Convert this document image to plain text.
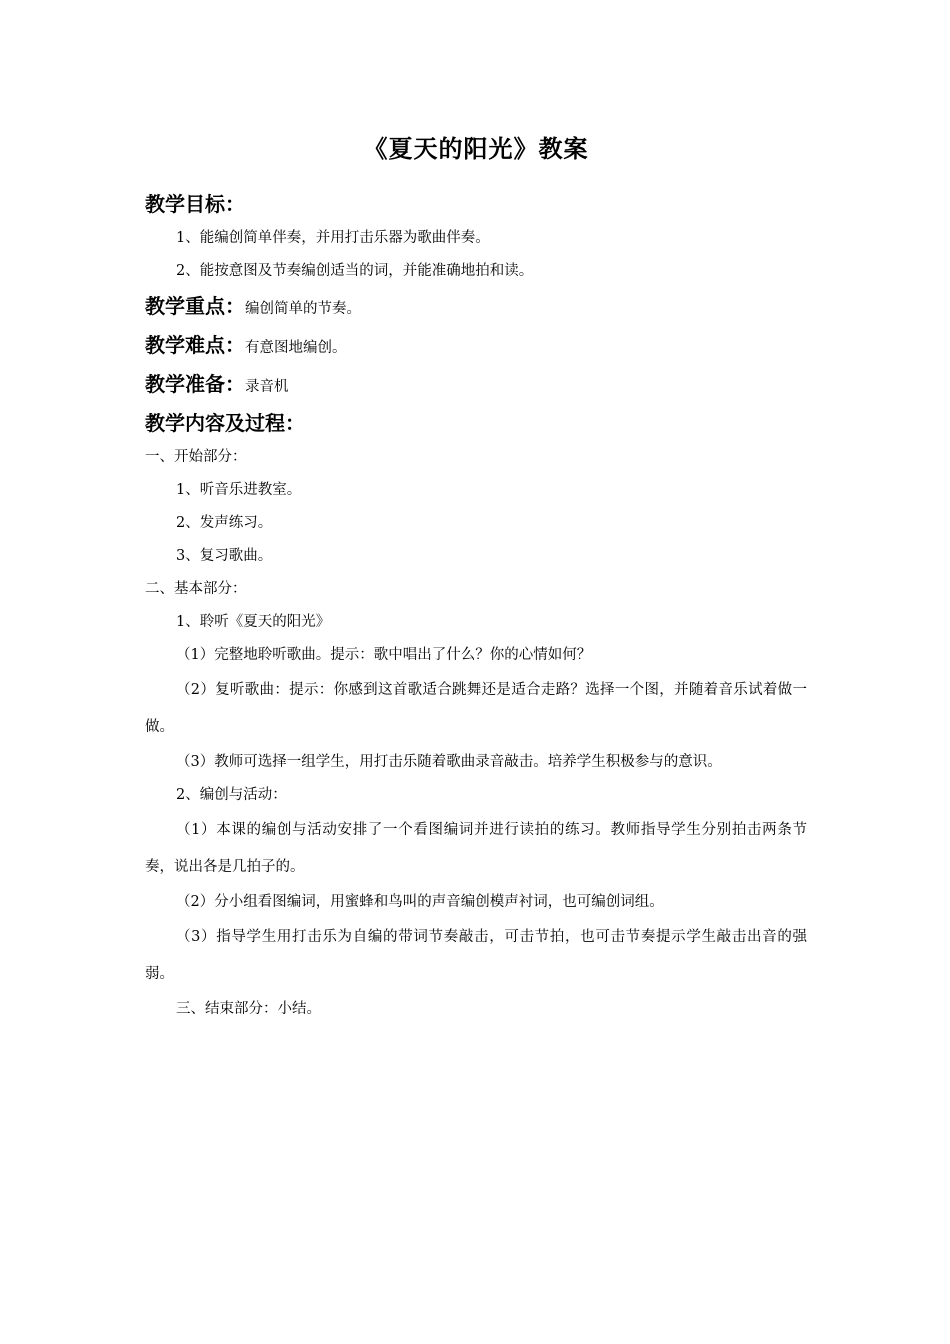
《夏天的阳光》教案
教学目标：

1、能编创简单伴奏，并用打击乐器为歌曲伴奏。

2、能按意图及节奏编创适当的词，并能准确地拍和读。

教学重点：编创简单的节奏。
教学难点：有意图地编创。
教学准备：录音机
教学内容及过程：

一、开始部分：

1、听音乐进教室。

2、发声练习。

3、复习歌曲。

二、基本部分：

1、聆听《夏天的阳光》

（1）完整地聆听歌曲。提示：歌中唱出了什么？你的心情如何？

（2）复听歌曲：提示：你感到这首歌适合跳舞还是适合走路？选择一个图，并随着音乐试着做一做。

（3）教师可选择一组学生，用打击乐随着歌曲录音敲击。培养学生积极参与的意识。

2、编创与活动：

（1）本课的编创与活动安排了一个看图编词并进行读拍的练习。教师指导学生分别拍击两条节奏，说出各是几拍子的。

（2）分小组看图编词，用蜜蜂和鸟叫的声音编创模声衬词，也可编创词组。

（3）指导学生用打击乐为自编的带词节奏敲击，可击节拍，也可击节奏提示学生敲击出音的强弱。

三、结束部分：小结。
